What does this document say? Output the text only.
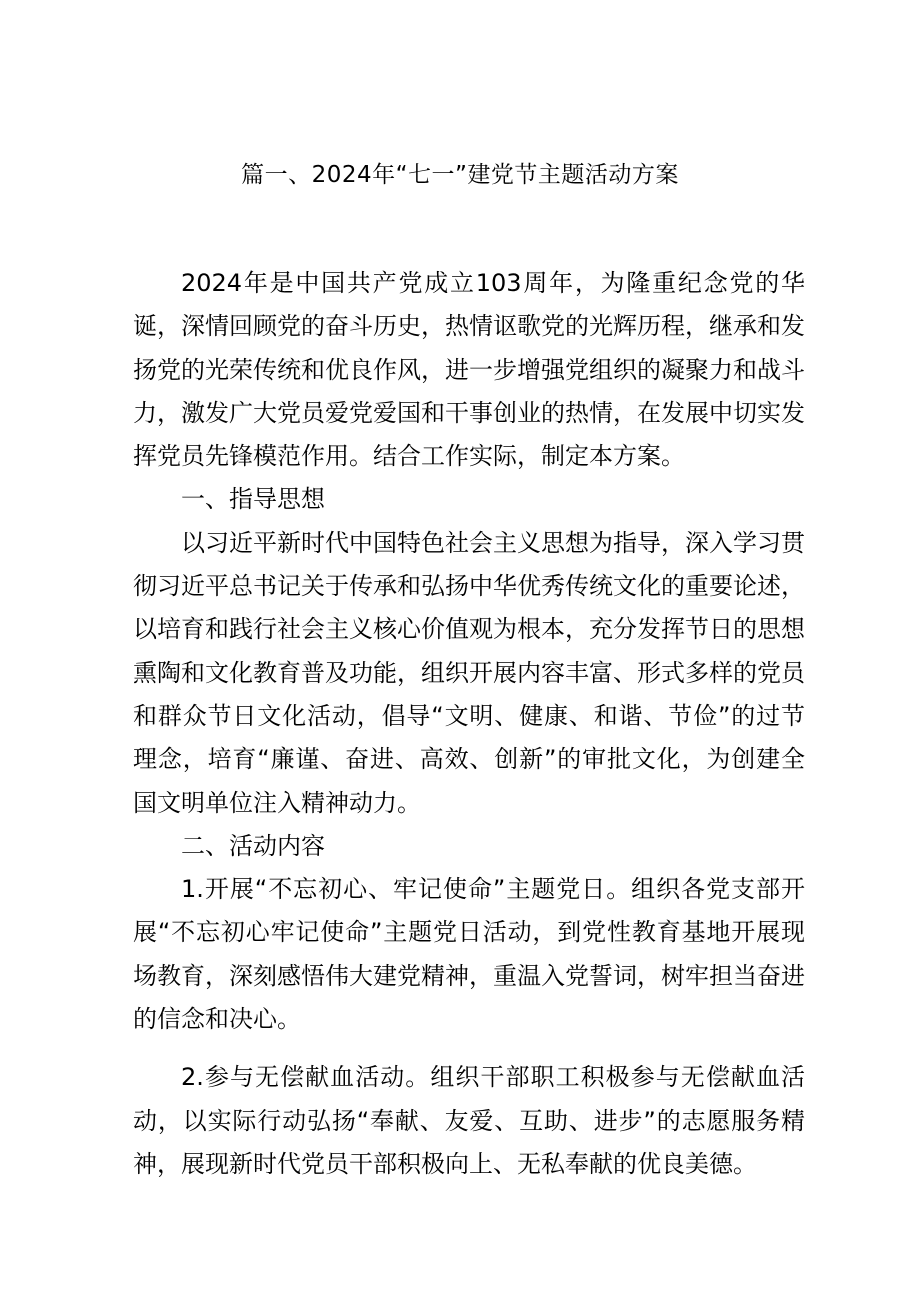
篇一、2024年“七一”建党节主题活动方案

2024年是中国共产党成立103周年，为隆重纪念党的华诞，深情回顾党的奋斗历史，热情讴歌党的光辉历程，继承和发扬党的光荣传统和优良作风，进一步增强党组织的凝聚力和战斗力，激发广大党员爱党爱国和干事创业的热情，在发展中切实发挥党员先锋模范作用。结合工作实际，制定本方案。

一、指导思想

以习近平新时代中国特色社会主义思想为指导，深入学习贯彻习近平总书记关于传承和弘扬中华优秀传统文化的重要论述，以培育和践行社会主义核心价值观为根本，充分发挥节日的思想熏陶和文化教育普及功能，组织开展内容丰富、形式多样的党员和群众节日文化活动，倡导“文明、健康、和谐、节俭”的过节理念，培育“廉谨、奋进、高效、创新”的审批文化，为创建全国文明单位注入精神动力。

二、活动内容

1.开展“不忘初心、牢记使命”主题党日。组织各党支部开展“不忘初心牢记使命”主题党日活动，到党性教育基地开展现场教育，深刻感悟伟大建党精神，重温入党誓词，树牢担当奋进的信念和决心。

2.参与无偿献血活动。组织干部职工积极参与无偿献血活动，以实际行动弘扬“奉献、友爱、互助、进步”的志愿服务精神，展现新时代党员干部积极向上、无私奉献的优良美德。
